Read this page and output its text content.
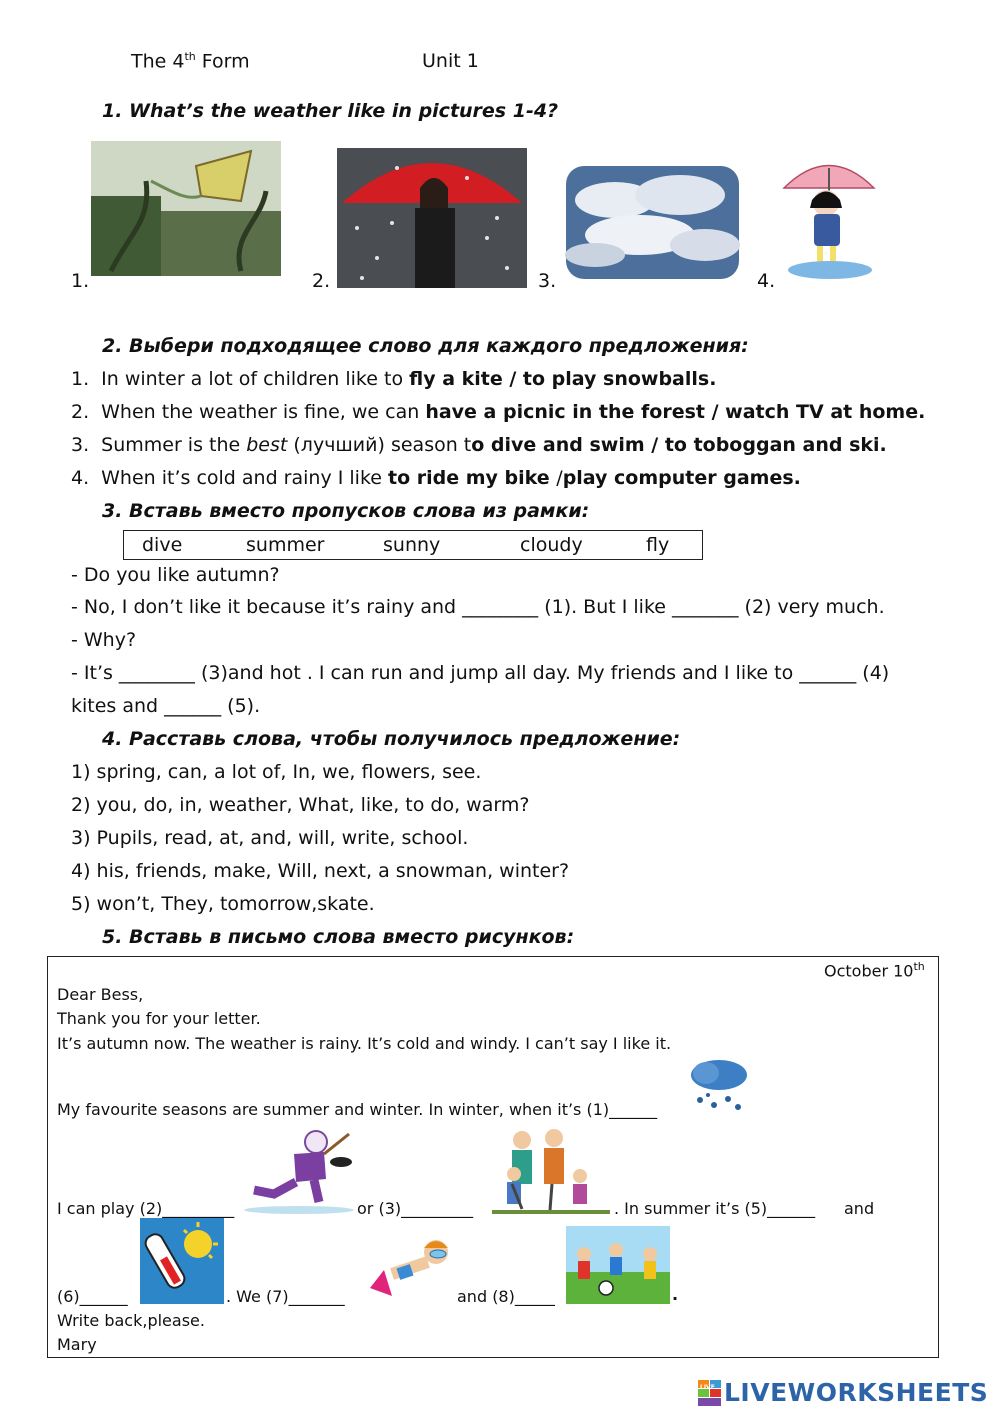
The 4th Form	Unit 1
1. What’s the weather like in pictures 1-4?
1.	2.	3.	4.
2. Выбери подходящее слово для каждого предложения:
1. In winter a lot of children like to fly a kite / to play snowballs.
2. When the weather is fine, we can have a picnic in the forest / watch TV at home.
3. Summer is the best (лучший) season to dive and swim / to toboggan and ski.
4. When it’s cold and rainy I like to ride my bike /play computer games.
3. Вставь вместо пропусков слова из рамки:
dive	summer	sunny	cloudy	fly
- Do you like autumn?
- No, I don’t like it because it’s rainy and ________ (1). But I like _______ (2) very much.
- Why?
- It’s ________ (3)and hot . I can run and jump all day. My friends and I like to ______ (4)
kites and ______ (5).
4. Расставь слова, чтобы получилось предложение:
1) spring, can, a lot of, In, we, flowers, see.
2) you, do, in, weather, What, like, to do, warm?
3) Pupils, read, at, and, will, write, school.
4) his, friends, make, Will, next, a snowman, winter?
5) won’t, They, tomorrow,skate.
5. Вставь в письмо слова вместо рисунков:
October 10th
Dear Bess,
Thank you for your letter.
It’s autumn now. The weather is rainy. It’s cold and windy. I can’t say I like it.
My favourite seasons are summer and winter. In winter, when it’s (1)______
I can play (2)_________	or (3)_________	. In summer it’s (5)______ and
(6)______	. We (7)_______	and (8)_____	.
Write back,please.
Mary
LIVE LIVEWORKSHEETS
